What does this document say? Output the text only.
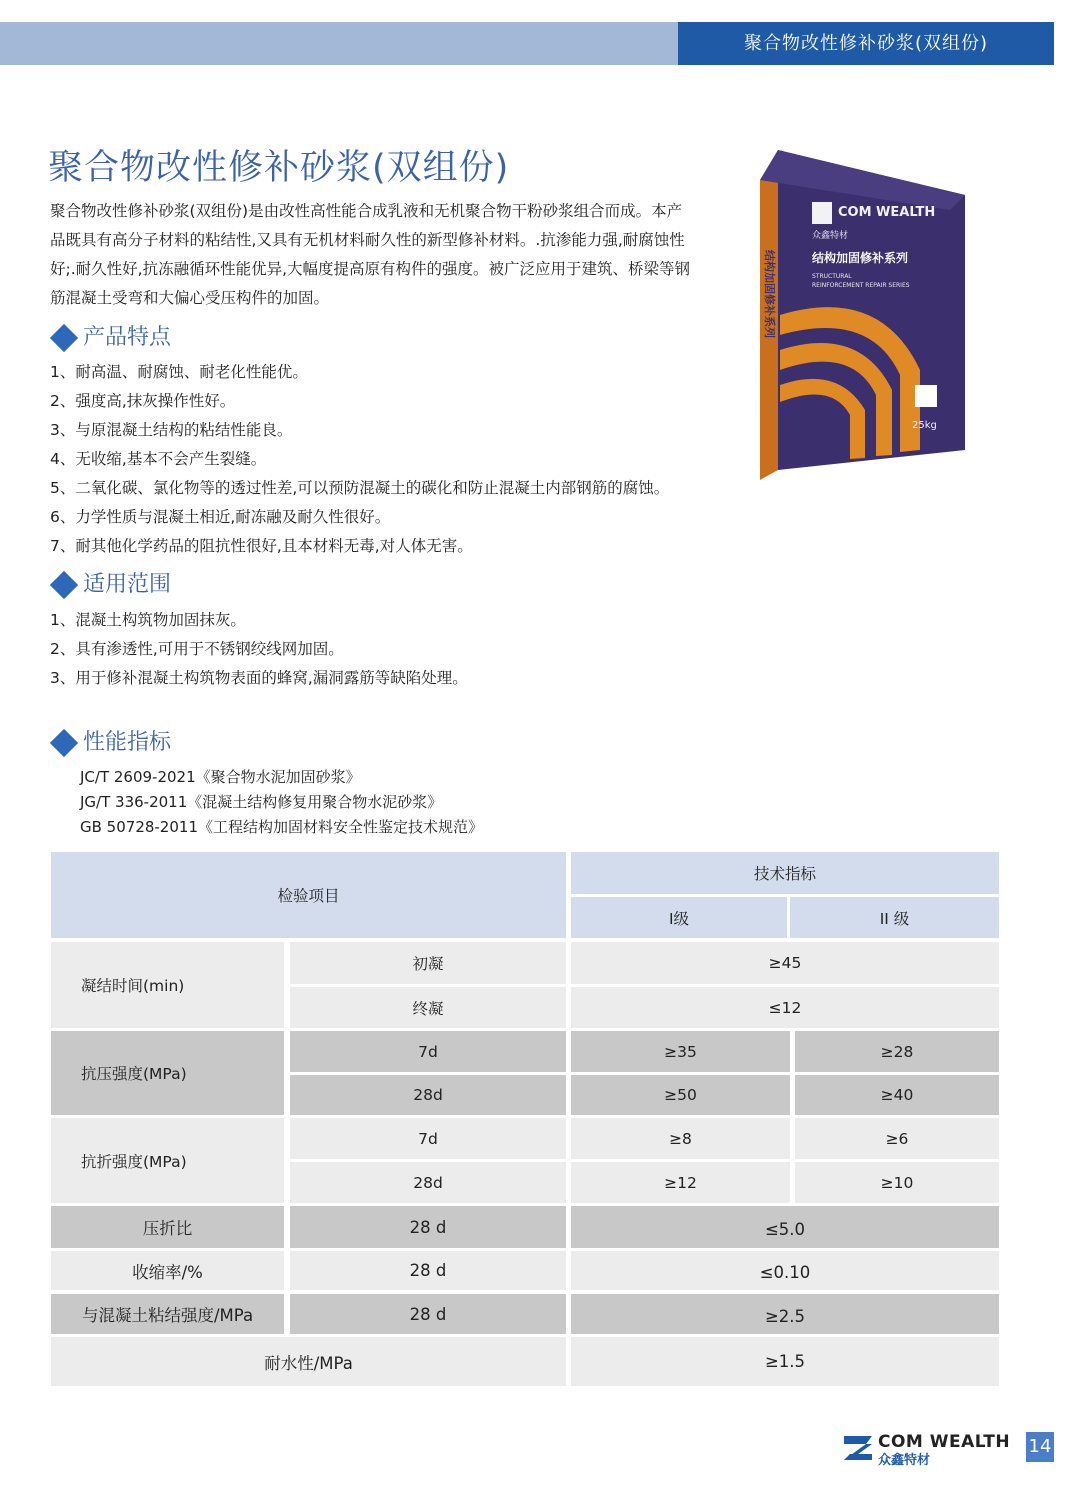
聚合物改性修补砂浆(双组份)
聚合物改性修补砂浆(双组份)
聚合物改性修补砂浆(双组份)是由改性高性能合成乳液和无机聚合物干粉砂浆组合而成。本产品既具有高分子材料的粘结性,又具有无机材料耐久性的新型修补材料。.抗渗能力强,耐腐蚀性好;.耐久性好,抗冻融循环性能优异,大幅度提高原有构件的强度。被广泛应用于建筑、桥梁等钢筋混凝土受弯和大偏心受压构件的加固。
COM WEALTH
众鑫特材
结构加固修补系列
STRUCTURAL
REINFORCEMENT REPAIR SERIES
结构加固修补系列
25kg
产品特点
1、耐高温、耐腐蚀、耐老化性能优。
2、强度高,抹灰操作性好。
3、与原混凝土结构的粘结性能良。
4、无收缩,基本不会产生裂缝。
5、二氧化碳、氯化物等的透过性差,可以预防混凝土的碳化和防止混凝土内部钢筋的腐蚀。
6、力学性质与混凝土相近,耐冻融及耐久性很好。
7、耐其他化学药品的阻抗性很好,且本材料无毒,对人体无害。
适用范围
1、混凝土构筑物加固抹灰。
2、具有渗透性,可用于不锈钢绞线网加固。
3、用于修补混凝土构筑物表面的蜂窝,漏洞露筋等缺陷处理。
性能指标
JC/T 2609-2021《聚合物水泥加固砂浆》
JG/T 336-2011《混凝土结构修复用聚合物水泥砂浆》
GB 50728-2011《工程结构加固材料安全性鉴定技术规范》
检验项目
技术指标
I级	II 级
凝结时间(min)
初凝	≥45
终凝	≤12
抗压强度(MPa)
7d	≥35	≥28
28d	≥50	≥40
抗折强度(MPa)
7d	≥8	≥6
28d	≥12	≥10
压折比	28 d	≤5.0
收缩率/%	28 d	≤0.10
与混凝土粘结强度/MPa	28 d	≥2.5
耐水性/MPa	≥1.5
COM WEALTH
众鑫特材
14
